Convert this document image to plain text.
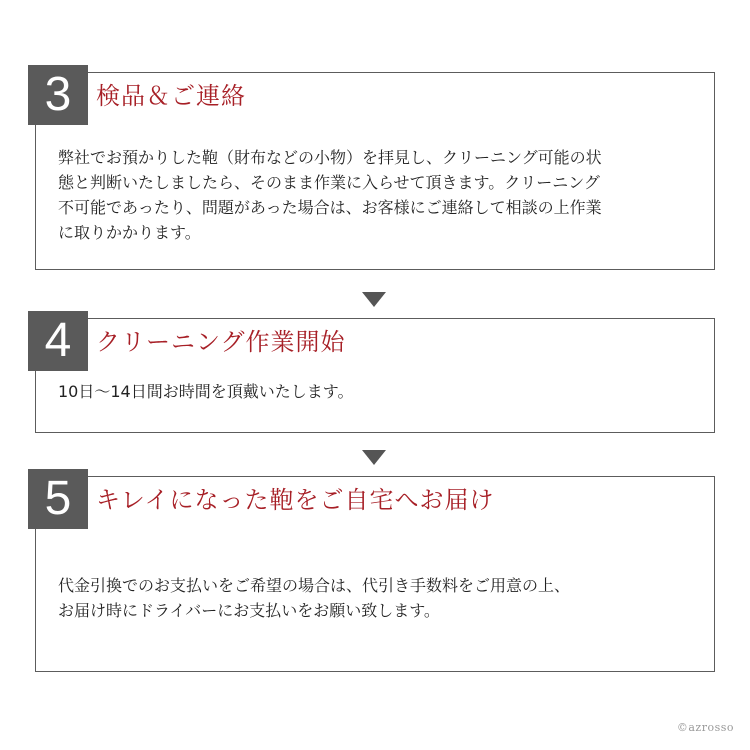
3	検品＆ご連絡
弊社でお預かりした鞄（財布などの小物）を拝見し、クリーニング可能の状
態と判断いたしましたら、そのまま作業に入らせて頂きます。クリーニング
不可能であったり、問題があった場合は、お客様にご連絡して相談の上作業
に取りかかります。
4	クリーニング作業開始
10日〜14日間お時間を頂戴いたします。
5	キレイになった鞄をご自宅へお届け
代金引換でのお支払いをご希望の場合は、代引き手数料をご用意の上、
お届け時にドライバーにお支払いをお願い致します。
©azrosso
